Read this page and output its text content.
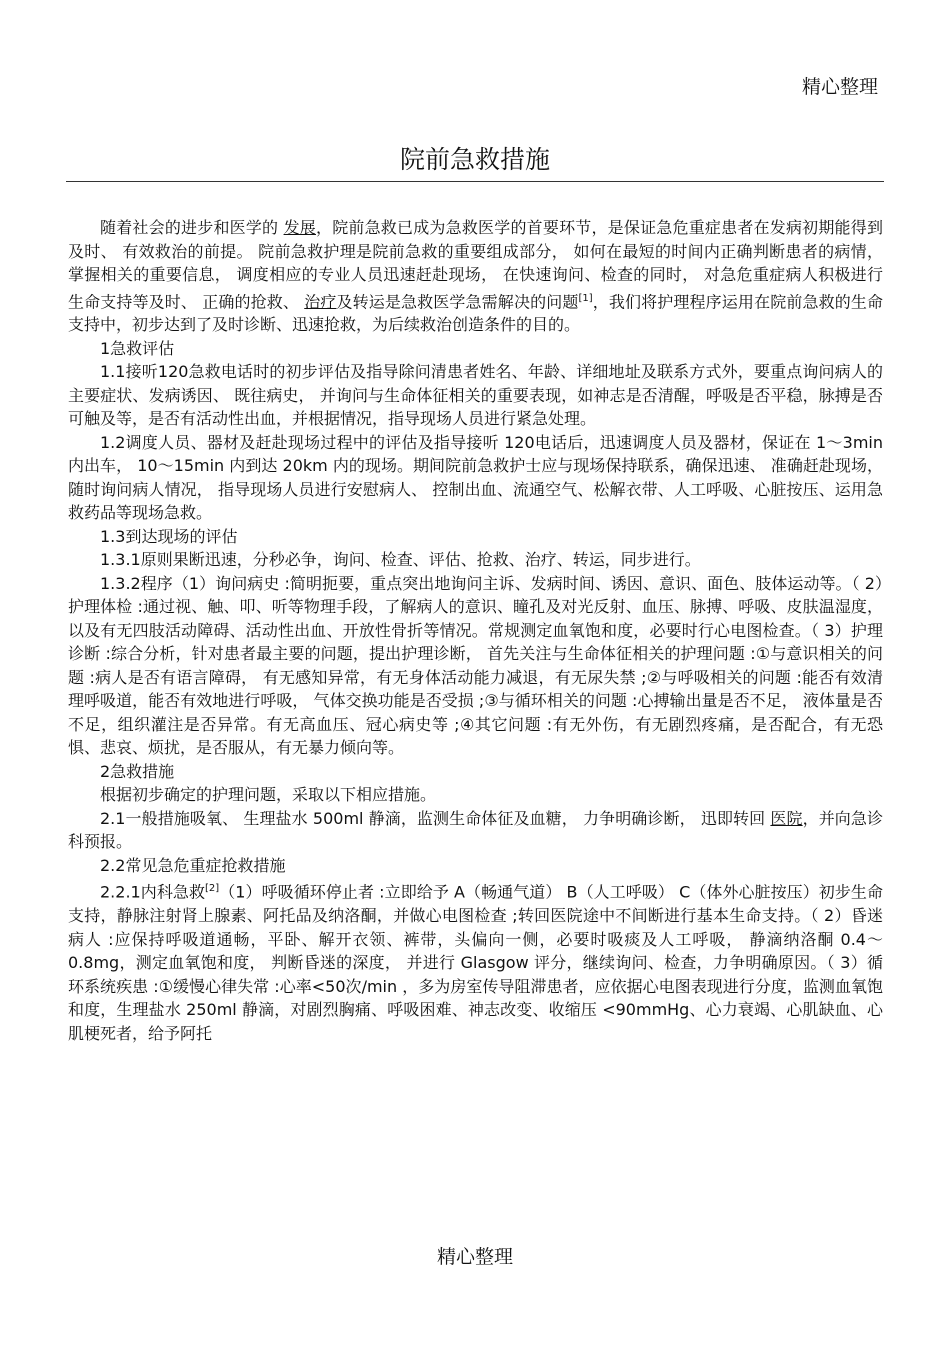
精心整理
院前急救措施

随着社会的进步和医学的 发展，院前急救已成为急救医学的首要环节，是保证急危重症患者在发病初期能得到及时、 有效救治的前提。 院前急救护理是院前急救的重要组成部分， 如何在最短的时间内正确判断患者的病情， 掌握相关的重要信息， 调度相应的专业人员迅速赶赴现场， 在快速询问、检查的同时， 对急危重症病人积极进行生命支持等及时、 正确的抢救、 治疗及转运是急救医学急需解决的问题[1]，我们将护理程序运用在院前急救的生命支持中，初步达到了及时诊断、迅速抢救，为后续救治创造条件的目的。

1急救评估

1.1接听120急救电话时的初步评估及指导除问清患者姓名、年龄、详细地址及联系方式外，要重点询问病人的主要症状、发病诱因、 既往病史， 并询问与生命体征相关的重要表现，如神志是否清醒，呼吸是否平稳，脉搏是否可触及等，是否有活动性出血，并根据情况，指导现场人员进行紧急处理。

1.2调度人员、器材及赶赴现场过程中的评估及指导接听 120电话后，迅速调度人员及器材，保证在 1～3min 内出车， 10～15min 内到达 20km 内的现场。期间院前急救护士应与现场保持联系，确保迅速、 准确赶赴现场， 随时询问病人情况， 指导现场人员进行安慰病人、 控制出血、流通空气、松解衣带、人工呼吸、心脏按压、运用急救药品等现场急救。

1.3到达现场的评估

1.3.1原则果断迅速，分秒必争，询问、检查、评估、抢救、治疗、转运，同步进行。

1.3.2程序（1）询问病史 :简明扼要，重点突出地询问主诉、发病时间、诱因、意识、面色、肢体运动等。（ 2）护理体检 :通过视、触、叩、听等物理手段，了解病人的意识、瞳孔及对光反射、血压、脉搏、呼吸、皮肤温湿度，以及有无四肢活动障碍、活动性出血、开放性骨折等情况。常规测定血氧饱和度，必要时行心电图检查。（ 3）护理诊断 :综合分析，针对患者最主要的问题，提出护理诊断， 首先关注与生命体征相关的护理问题 :①与意识相关的问题 :病人是否有语言障碍， 有无感知异常，有无身体活动能力减退，有无尿失禁 ;②与呼吸相关的问题 :能否有效清理呼吸道，能否有效地进行呼吸， 气体交换功能是否受损 ;③与循环相关的问题 :心搏输出量是否不足， 液体量是否不足，组织灌注是否异常。有无高血压、冠心病史等 ;④其它问题 :有无外伤，有无剧烈疼痛，是否配合，有无恐惧、悲哀、烦扰，是否服从，有无暴力倾向等。

2急救措施

根据初步确定的护理问题，采取以下相应措施。

2.1一般措施吸氧、 生理盐水 500ml 静滴，监测生命体征及血糖， 力争明确诊断， 迅即转回 医院，并向急诊科预报。

2.2常见急危重症抢救措施

2.2.1内科急救[2]（1）呼吸循环停止者 :立即给予 A（畅通气道） B（人工呼吸） C（体外心脏按压）初步生命支持，静脉注射肾上腺素、阿托品及纳洛酮，并做心电图检查 ;转回医院途中不间断进行基本生命支持。（ 2）昏迷病人 :应保持呼吸道通畅，平卧、解开衣领、裤带，头偏向一侧，必要时吸痰及人工呼吸， 静滴纳洛酮 0.4～0.8mg，测定血氧饱和度， 判断昏迷的深度， 并进行 Glasgow 评分，继续询问、检查，力争明确原因。（ 3）循环系统疾患 :①缓慢心律失常 :心率<50次/min ，多为房室传导阻滞患者，应依据心电图表现进行分度，监测血氧饱和度，生理盐水 250ml 静滴，对剧烈胸痛、呼吸困难、神志改变、收缩压 <90mmHg、心力衰竭、心肌缺血、心肌梗死者，给予阿托

精心整理
